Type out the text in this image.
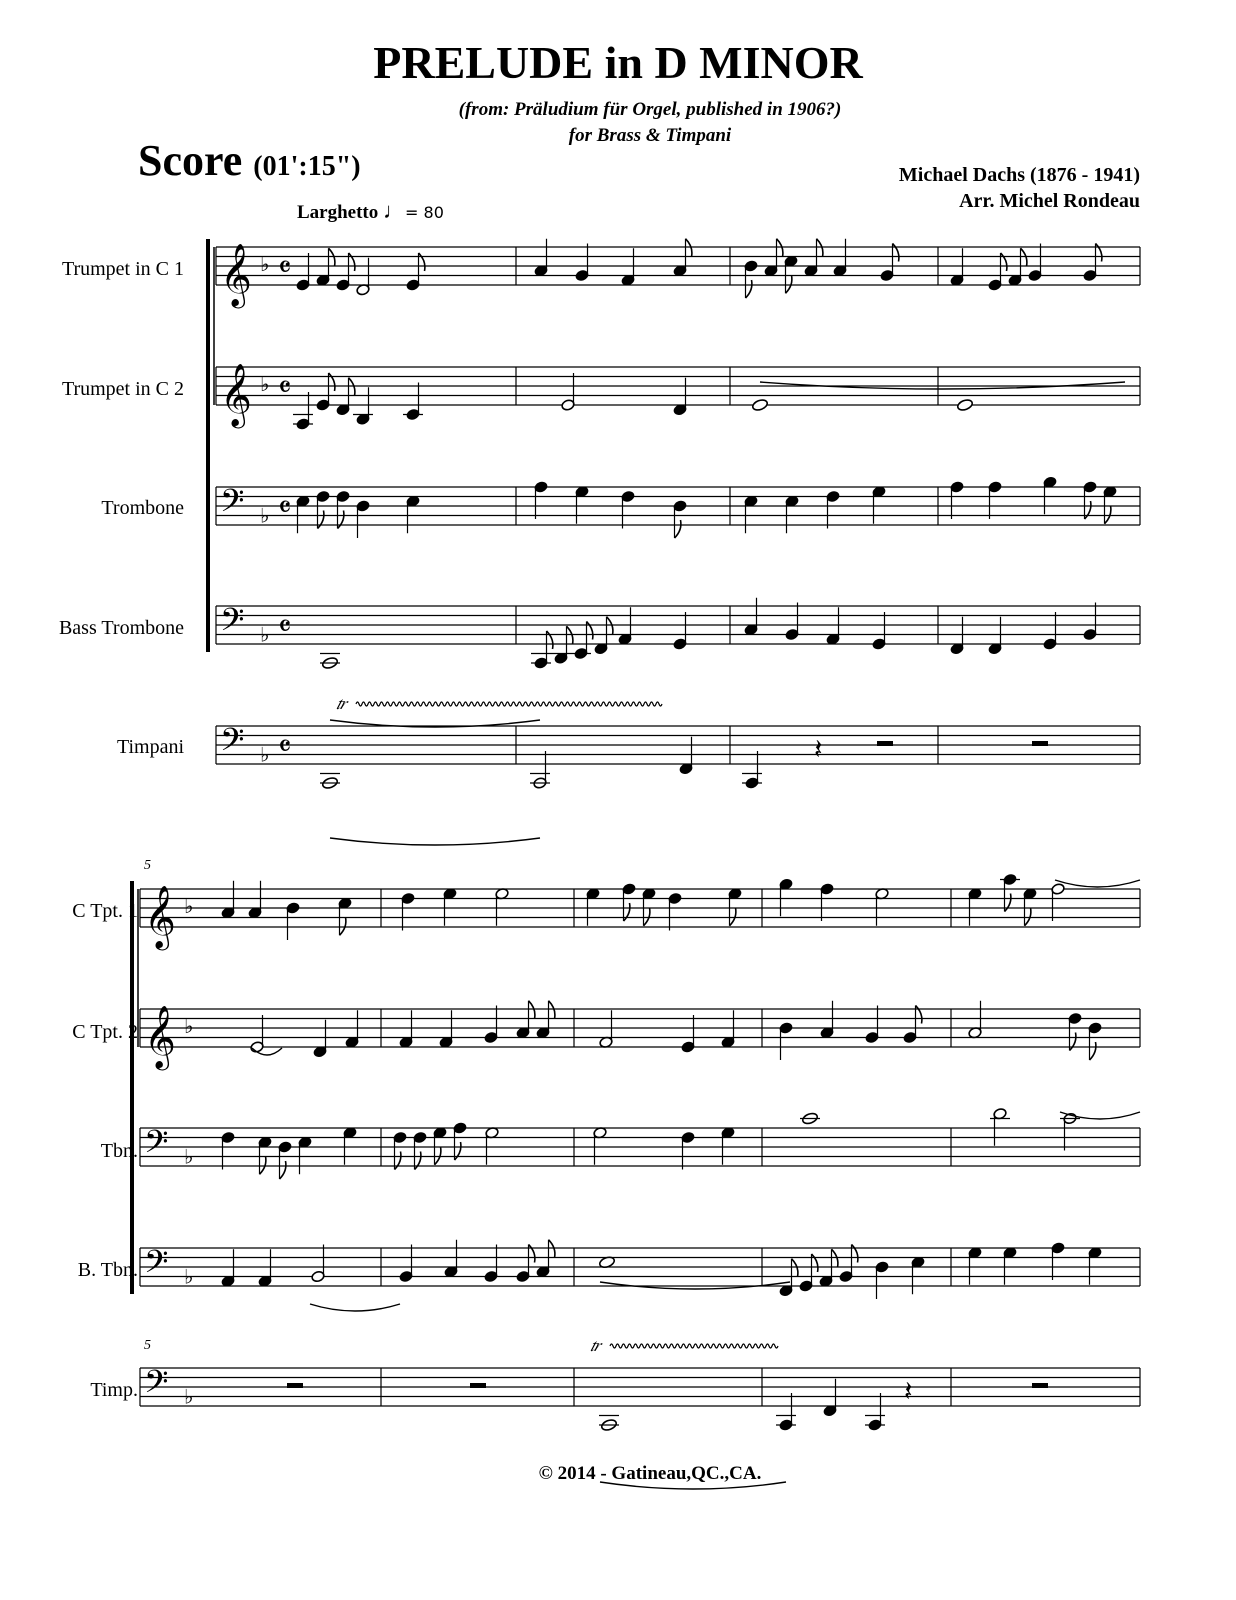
PRELUDE in D MINOR
(from: Präludium für Orgel, published in 1906?)
for Brass & Timpani
Score (01':15")	Michael Dachs (1876 - 1941)
Arr. Michel Rondeau
Larghetto ♩= 80
Trumpet in C 1
Trumpet in C 2
Trombone
Bass Trombone
Timpani
C Tpt. 1
C Tpt. 2
Tbn.
B. Tbn.
Timp.
5
5
© 2014 - Gatineau,QC.,CA.
𝄞 ♭ 𝄴
𝄞 ♭ 𝄴
𝄢 ♭ 𝄴
𝄢 ♭ 𝄴
𝄢 ♭ 𝄴
𝄞 ♭
𝄞 ♭
𝄢 ♭
𝄢 ♭
𝄢 ♭
𝄽
𝄽
𝆖
𝆖
